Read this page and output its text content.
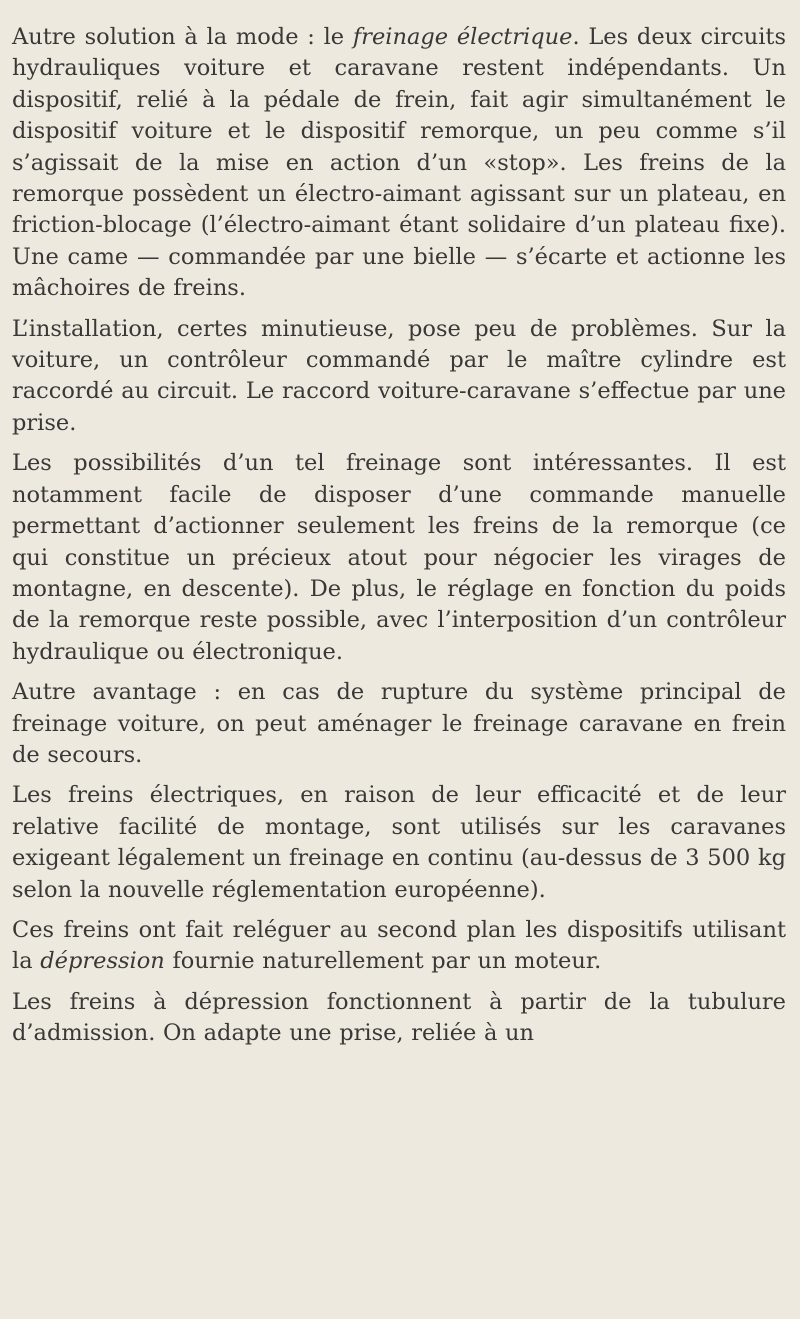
Autre solution à la mode : le freinage électrique. Les deux circuits hydrauliques voiture et caravane restent indépendants. Un dispositif, relié à la pédale de frein, fait agir simultanément le dispositif voiture et le dispositif remorque, un peu comme s’il s’agissait de la mise en action d’un «stop». Les freins de la remorque possèdent un électro-aimant agissant sur un plateau, en friction-blocage (l’électro-aimant étant solidaire d’un plateau fixe). Une came — commandée par une bielle — s’écarte et actionne les mâchoires de freins.

L’installation, certes minutieuse, pose peu de problèmes. Sur la voiture, un contrôleur commandé par le maître cylindre est raccordé au circuit. Le raccord voiture-caravane s’effectue par une prise.

Les possibilités d’un tel freinage sont intéressantes. Il est notamment facile de disposer d’une commande manuelle permettant d’actionner seulement les freins de la remorque (ce qui constitue un précieux atout pour négocier les virages de montagne, en descente). De plus, le réglage en fonction du poids de la remorque reste possible, avec l’interposition d’un contrôleur hydraulique ou électronique.

Autre avantage : en cas de rupture du système principal de freinage voiture, on peut aménager le freinage caravane en frein de secours.

Les freins électriques, en raison de leur efficacité et de leur relative facilité de montage, sont utilisés sur les caravanes exigeant légalement un freinage en continu (au-dessus de 3 500 kg selon la nouvelle réglementation européenne).

Ces freins ont fait reléguer au second plan les dispositifs utilisant la dépression fournie naturellement par un moteur.

Les freins à dépression fonctionnent à partir de la tubulure d’admission. On adapte une prise, reliée à un
